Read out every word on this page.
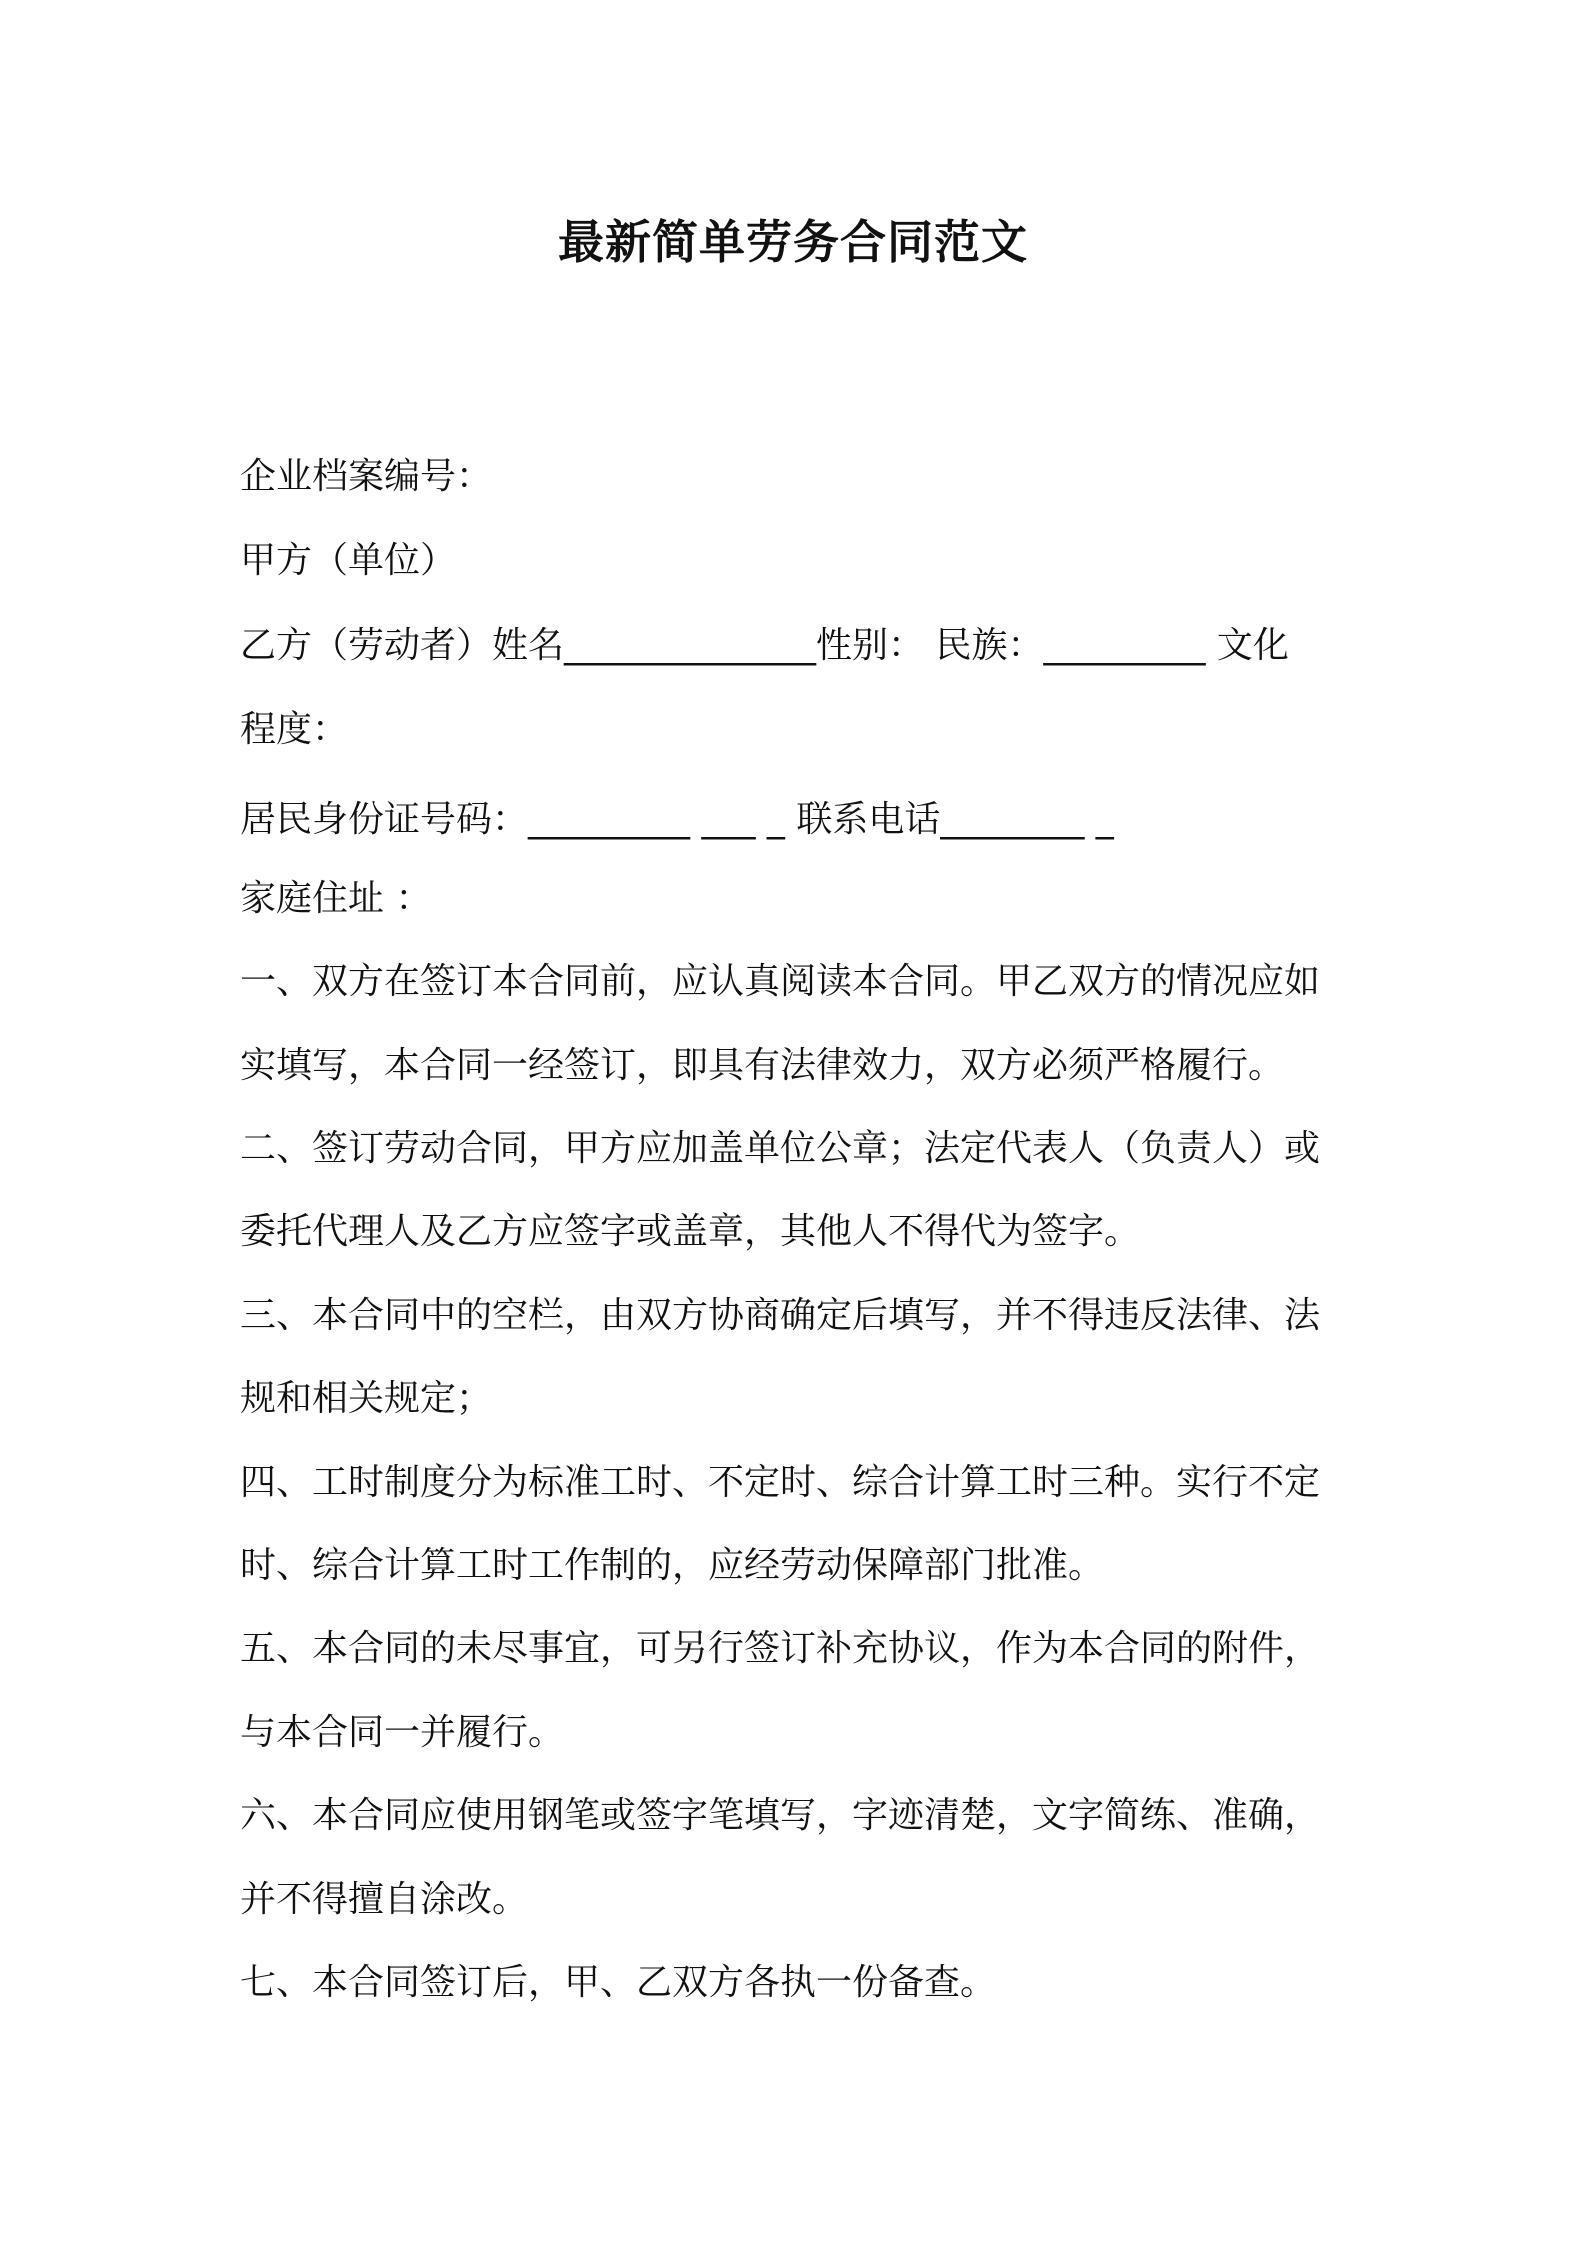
最新简单劳务合同范文
企业档案编号：
甲方（单位）
乙方（劳动者）姓名______________性别： 民族：_________ 文化
程度：
居民身份证号码：_________ ___ _ 联系电话________ _
家庭住址 ：
一、双方在签订本合同前，应认真阅读本合同。甲乙双方的情况应如
实填写，本合同一经签订，即具有法律效力，双方必须严格履行。
二、签订劳动合同，甲方应加盖单位公章；法定代表人（负责人）或
委托代理人及乙方应签字或盖章，其他人不得代为签字。
三、本合同中的空栏，由双方协商确定后填写，并不得违反法律、法
规和相关规定；
四、工时制度分为标准工时、不定时、综合计算工时三种。实行不定
时、综合计算工时工作制的，应经劳动保障部门批准。
五、本合同的未尽事宜，可另行签订补充协议，作为本合同的附件，
与本合同一并履行。
六、本合同应使用钢笔或签字笔填写，字迹清楚，文字简练、准确，
并不得擅自涂改。
七、本合同签订后，甲、乙双方各执一份备查。
